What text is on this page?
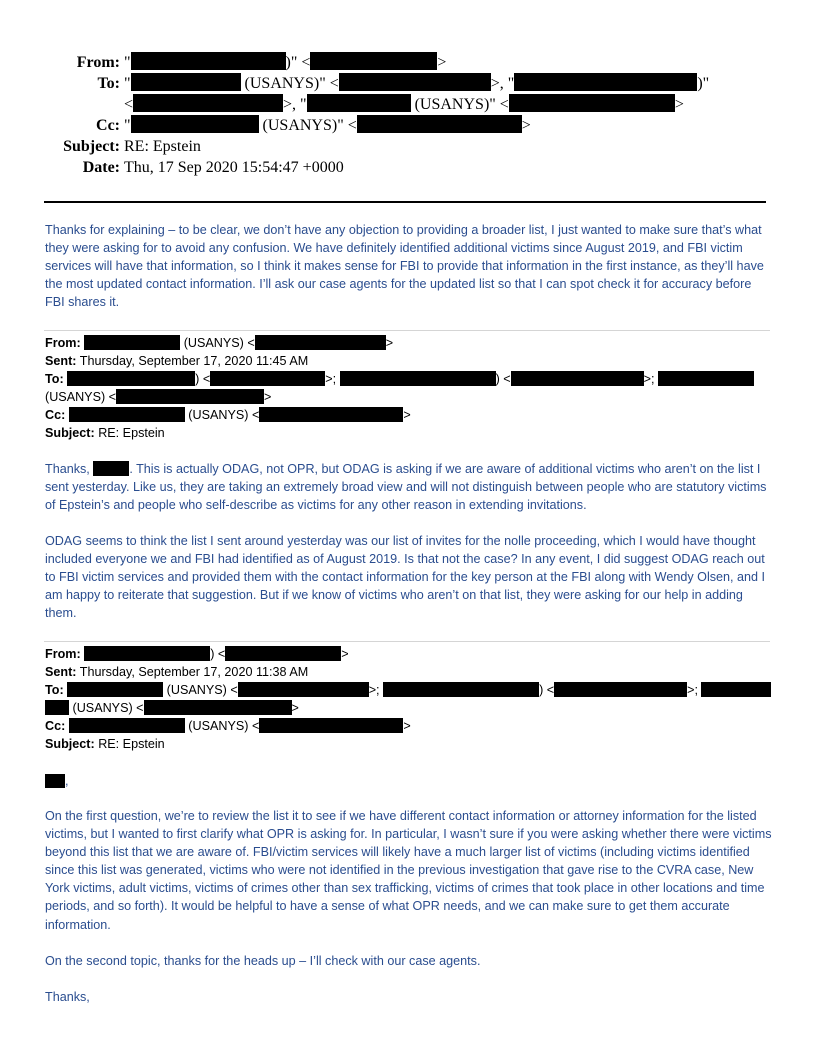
From: "	)" <	>
To: "	(USANYS)" <	>, "	)"
<	>, "	(USANYS)" <	>
Cc: "	(USANYS)" <	>
Subject: RE: Epstein
Date: Thu, 17 Sep 2020 15:54:47 +0000

Thanks for explaining – to be clear, we don’t have any objection to providing a broader list, I just wanted to make sure that’s what they were asking for to avoid any confusion. We have definitely identified additional victims since August 2019, and FBI victim services will have that information, so I think it makes sense for FBI to provide that information in the first instance, as they’ll have the most updated contact information. I’ll ask our case agents for the updated list so that I can spot check it for accuracy before FBI shares it.

From:	(USANYS) <	>
Sent: Thursday, September 17, 2020 11:45 AM
To:	) <	>;	) <	>;
(USANYS) <	>
Cc:	(USANYS) <	>
Subject: RE: Epstein

Thanks,	. This is actually ODAG, not OPR, but ODAG is asking if we are aware of additional victims who aren’t on the list I sent yesterday. Like us, they are taking an extremely broad view and will not distinguish between people who are statutory victims of Epstein’s and people who self-describe as victims for any other reason in extending invitations.

ODAG seems to think the list I sent around yesterday was our list of invites for the nolle proceeding, which I would have thought included everyone we and FBI had identified as of August 2019. Is that not the case? In any event, I did suggest ODAG reach out to FBI victim services and provided them with the contact information for the key person at the FBI along with Wendy Olsen, and I am happy to reiterate that suggestion. But if we know of victims who aren’t on that list, they were asking for our help in adding them.

From:	) <	>
Sent: Thursday, September 17, 2020 11:38 AM
To:	(USANYS) <	>;	) <	>;
(USANYS) <	>
Cc:	(USANYS) <	>
Subject: RE: Epstein
,

On the first question, we’re to review the list it to see if we have different contact information or attorney information for the listed victims, but I wanted to first clarify what OPR is asking for. In particular, I wasn’t sure if you were asking whether there were victims beyond this list that we are aware of. FBI/victim services will likely have a much larger list of victims (including victims identified since this list was generated, victims who were not identified in the previous investigation that gave rise to the CVRA case, New York victims, adult victims, victims of crimes other than sex trafficking, victims of crimes that took place in other locations and time periods, and so forth). It would be helpful to have a sense of what OPR needs, and we can make sure to get them accurate information.

On the second topic, thanks for the heads up – I’ll check with our case agents.

Thanks,
